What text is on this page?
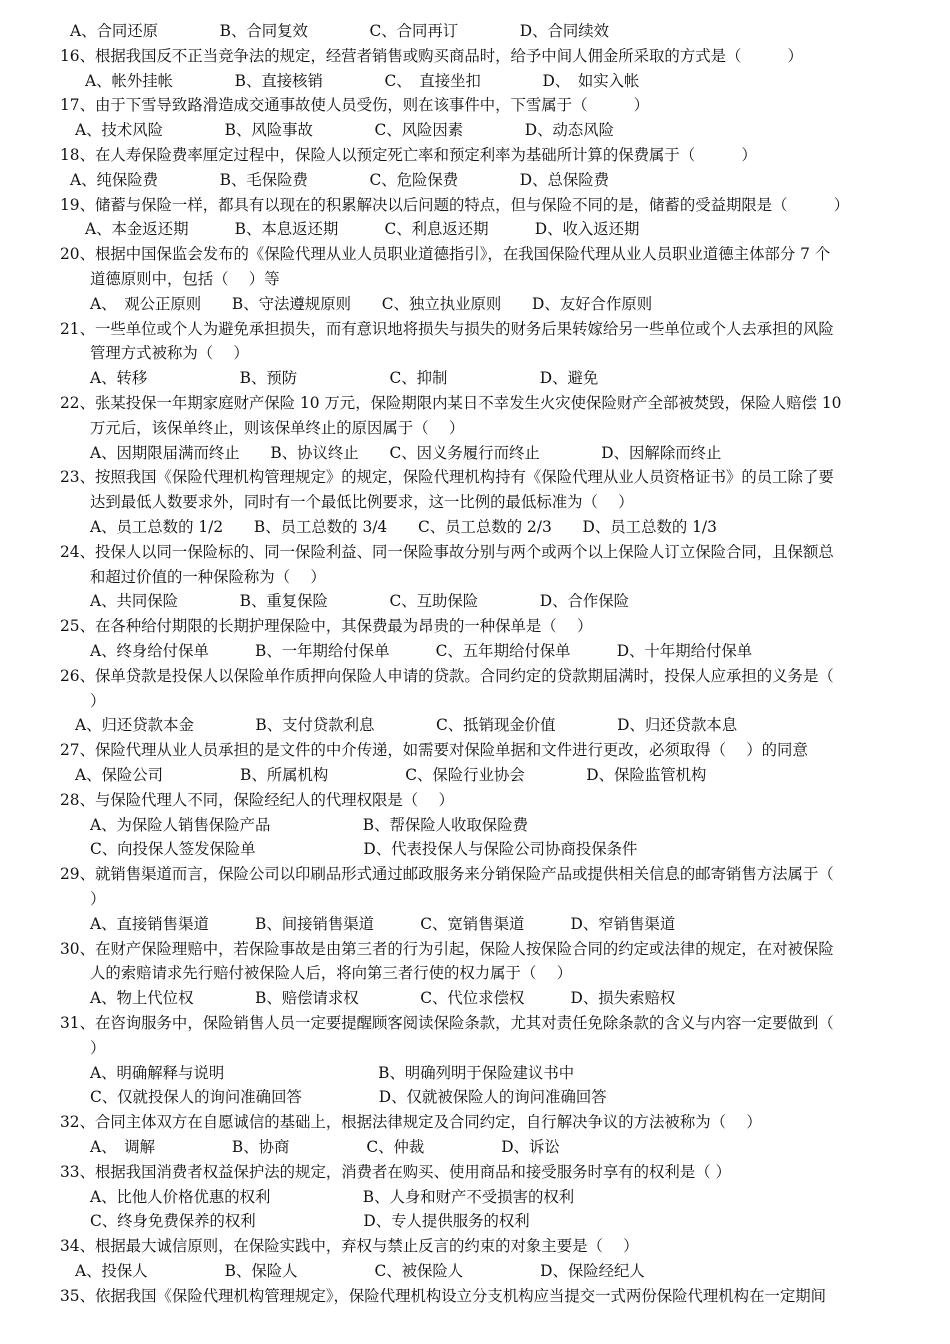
A、合同还原　　　　B、合同复效　　　　C、合同再订　　　　D、合同续效
16、根据我国反不正当竞争法的规定，经营者销售或购买商品时，给予中间人佣金所采取的方式是（　　　）
A、帐外挂帐　　　　B、直接核销　　　　C、　直接坐扣　　　　D、　如实入帐
17、由于下雪导致路滑造成交通事故使人员受伤，则在该事件中，下雪属于（　　　）
A、技术风险　　　　B、风险事故　　　　C、风险因素　　　　D、动态风险
18、在人寿保险费率厘定过程中，保险人以预定死亡率和预定利率为基础所计算的保费属于（　　　）
A、纯保险费　　　　B、毛保险费　　　　C、危险保费　　　　D、总保险费
19、储蓄与保险一样，都具有以现在的积累解决以后问题的特点，但与保险不同的是，储蓄的受益期限是（　　　）
A、本金返还期　　　B、本息返还期　　　C、利息返还期　　　D、收入返还期
20、根据中国保监会发布的《保险代理从业人员职业道德指引》，在我国保险代理从业人员职业道德主体部分 7 个
道德原则中，包括（　 ）等
A、　观公正原则　　B、守法遵规原则　　C、独立执业原则　　D、友好合作原则
21、一些单位或个人为避免承担损失，而有意识地将损失与损失的财务后果转嫁给另一些单位或个人去承担的风险
管理方式被称为（　 ）
A、转移　　　　　　B、预防　　　　　　C、抑制　　　　　　D、避免
22、张某投保一年期家庭财产保险 10 万元，保险期限内某日不幸发生火灾使保险财产全部被焚毁，保险人赔偿 10
万元后，该保单终止，则该保单终止的原因属于（　 ）
A、因期限届满而终止　　B、协议终止　　C、因义务履行而终止　　　　D、因解除而终止
23、按照我国《保险代理机构管理规定》的规定，保险代理机构持有《保险代理从业人员资格证书》的员工除了要
达到最低人数要求外，同时有一个最低比例要求，这一比例的最低标准为（　 ）
A、员工总数的 1/2　　B、员工总数的 3/4　　C、员工总数的 2/3　　D、员工总数的 1/3
24、投保人以同一保险标的、同一保险利益、同一保险事故分别与两个或两个以上保险人订立保险合同，且保额总
和超过价值的一种保险称为（　 ）
A、共同保险　　　　B、重复保险　　　　C、互助保险　　　　D、合作保险
25、在各种给付期限的长期护理保险中，其保费最为昂贵的一种保单是（　 ）
A、终身给付保单　　　B、一年期给付保单　　　C、五年期给付保单　　　D、十年期给付保单
26、保单贷款是投保人以保险单作质押向保险人申请的贷款。合同约定的贷款期届满时，投保人应承担的义务是（
）
A、归还贷款本金　　　　B、支付贷款利息　　　　C、抵销现金价值　　　　D、归还贷款本息
27、保险代理从业人员承担的是文件的中介传递，如需要对保险单据和文件进行更改，必须取得（　 ）的同意
A、保险公司　　　　　B、所属机构　　　　　C、保险行业协会　　　　D、保险监管机构
28、与保险代理人不同，保险经纪人的代理权限是（　 ）
A、为保险人销售保险产品　　　　　　B、帮保险人收取保险费
C、向投保人签发保险单　　　　　　　D、代表投保人与保险公司协商投保条件
29、就销售渠道而言，保险公司以印刷品形式通过邮政服务来分销保险产品或提供相关信息的邮寄销售方法属于（
）
A、直接销售渠道　　　B、间接销售渠道　　　C、宽销售渠道　　　D、窄销售渠道
30、在财产保险理赔中，若保险事故是由第三者的行为引起，保险人按保险合同的约定或法律的规定，在对被保险
人的索赔请求先行赔付被保险人后，将向第三者行使的权力属于（　 ）
A、物上代位权　　　　B、赔偿请求权　　　　C、代位求偿权　　　D、损失索赔权
31、在咨询服务中，保险销售人员一定要提醒顾客阅读保险条款，尤其对责任免除条款的含义与内容一定要做到（
）
A、明确解释与说明　　　　　　　　　　B、明确列明于保险建议书中
C、仅就投保人的询问准确回答　　　　　D、仅就被保险人的询问准确回答
32、合同主体双方在自愿诚信的基础上，根据法律规定及合同约定，自行解决争议的方法被称为（　 ）
A、　调解　　　　　B、协商　　　　　C、仲裁　　　　　D、诉讼
33、根据我国消费者权益保护法的规定，消费者在购买、使用商品和接受服务时享有的权利是（ ）
A、比他人价格优惠的权利　　　　　　B、人身和财产不受损害的权利
C、终身免费保养的权利　　　　　　　D、专人提供服务的权利
34、根据最大诚信原则，在保险实践中，弃权与禁止反言的约束的对象主要是（　 ）
A、投保人　　　　　B、保险人　　　　　C、被保险人　　　　　D、保险经纪人
35、依据我国《保险代理机构管理规定》，保险代理机构设立分支机构应当提交一式两份保险代理机构在一定期间
